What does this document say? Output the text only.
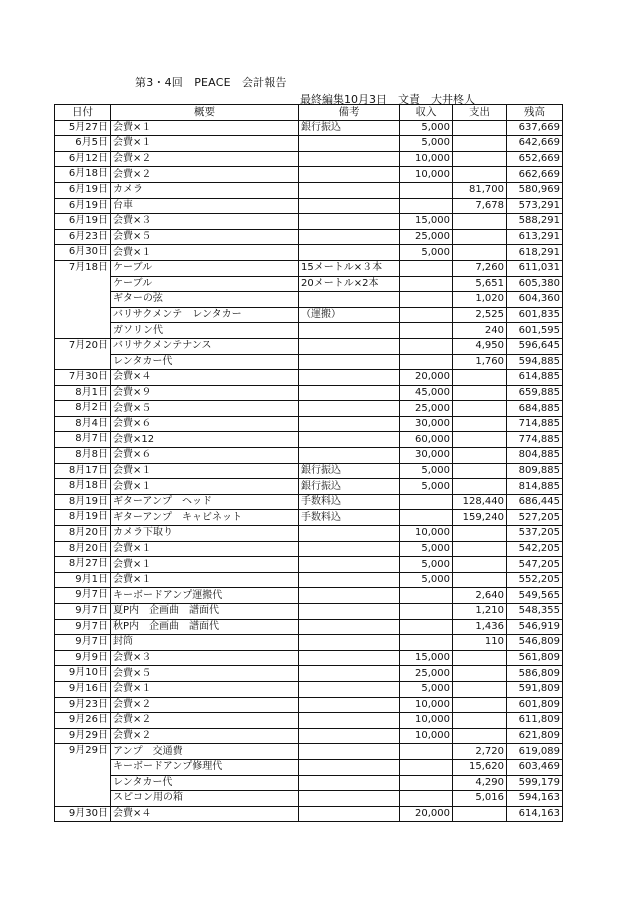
第3・4回　PEACE　会計報告
最終編集10月3日　文責　大井柊人
日付	概要	備考	収入	支出	残高
5月27日	会費×１	銀行振込	5,000		637,669
6月5日	会費×１		5,000		642,669
6月12日	会費×２		10,000		652,669
6月18日	会費×２		10,000		662,669
6月19日	カメラ			81,700	580,969
6月19日	台車			7,678	573,291
6月19日	会費×３		15,000		588,291
6月23日	会費×５		25,000		613,291
6月30日	会費×１		5,000		618,291
7月18日	ケーブル	15メートル×３本		7,260	611,031
	ケーブル	20メートル×2本		5,651	605,380
	ギターの弦			1,020	604,360
	バリサクメンテ　レンタカー	（運搬）		2,525	601,835
	ガソリン代			240	601,595
7月20日	バリサクメンテナンス			4,950	596,645
	レンタカー代			1,760	594,885
7月30日	会費×４		20,000		614,885
8月1日	会費×９		45,000		659,885
8月2日	会費×５		25,000		684,885
8月4日	会費×６		30,000		714,885
8月7日	会費×12		60,000		774,885
8月8日	会費×６		30,000		804,885
8月17日	会費×１	銀行振込	5,000		809,885
8月18日	会費×１	銀行振込	5,000		814,885
8月19日	ギターアンプ　ヘッド	手数料込		128,440	686,445
8月19日	ギターアンプ　キャビネット	手数料込		159,240	527,205
8月20日	カメラ下取り		10,000		537,205
8月20日	会費×１		5,000		542,205
8月27日	会費×１		5,000		547,205
9月1日	会費×１		5,000		552,205
9月7日	キーボードアンプ運搬代			2,640	549,565
9月7日	夏P内　企画曲　譜面代			1,210	548,355
9月7日	秋P内　企画曲　譜面代			1,436	546,919
9月7日	封筒			110	546,809
9月9日	会費×３		15,000		561,809
9月10日	会費×５		25,000		586,809
9月16日	会費×１		5,000		591,809
9月23日	会費×２		10,000		601,809
9月26日	会費×２		10,000		611,809
9月29日	会費×２		10,000		621,809
9月29日	アンプ　交通費			2,720	619,089
	キーボードアンプ修理代			15,620	603,469
	レンタカー代			4,290	599,179
	スピコン用の箱			5,016	594,163
9月30日	会費×４		20,000		614,163
